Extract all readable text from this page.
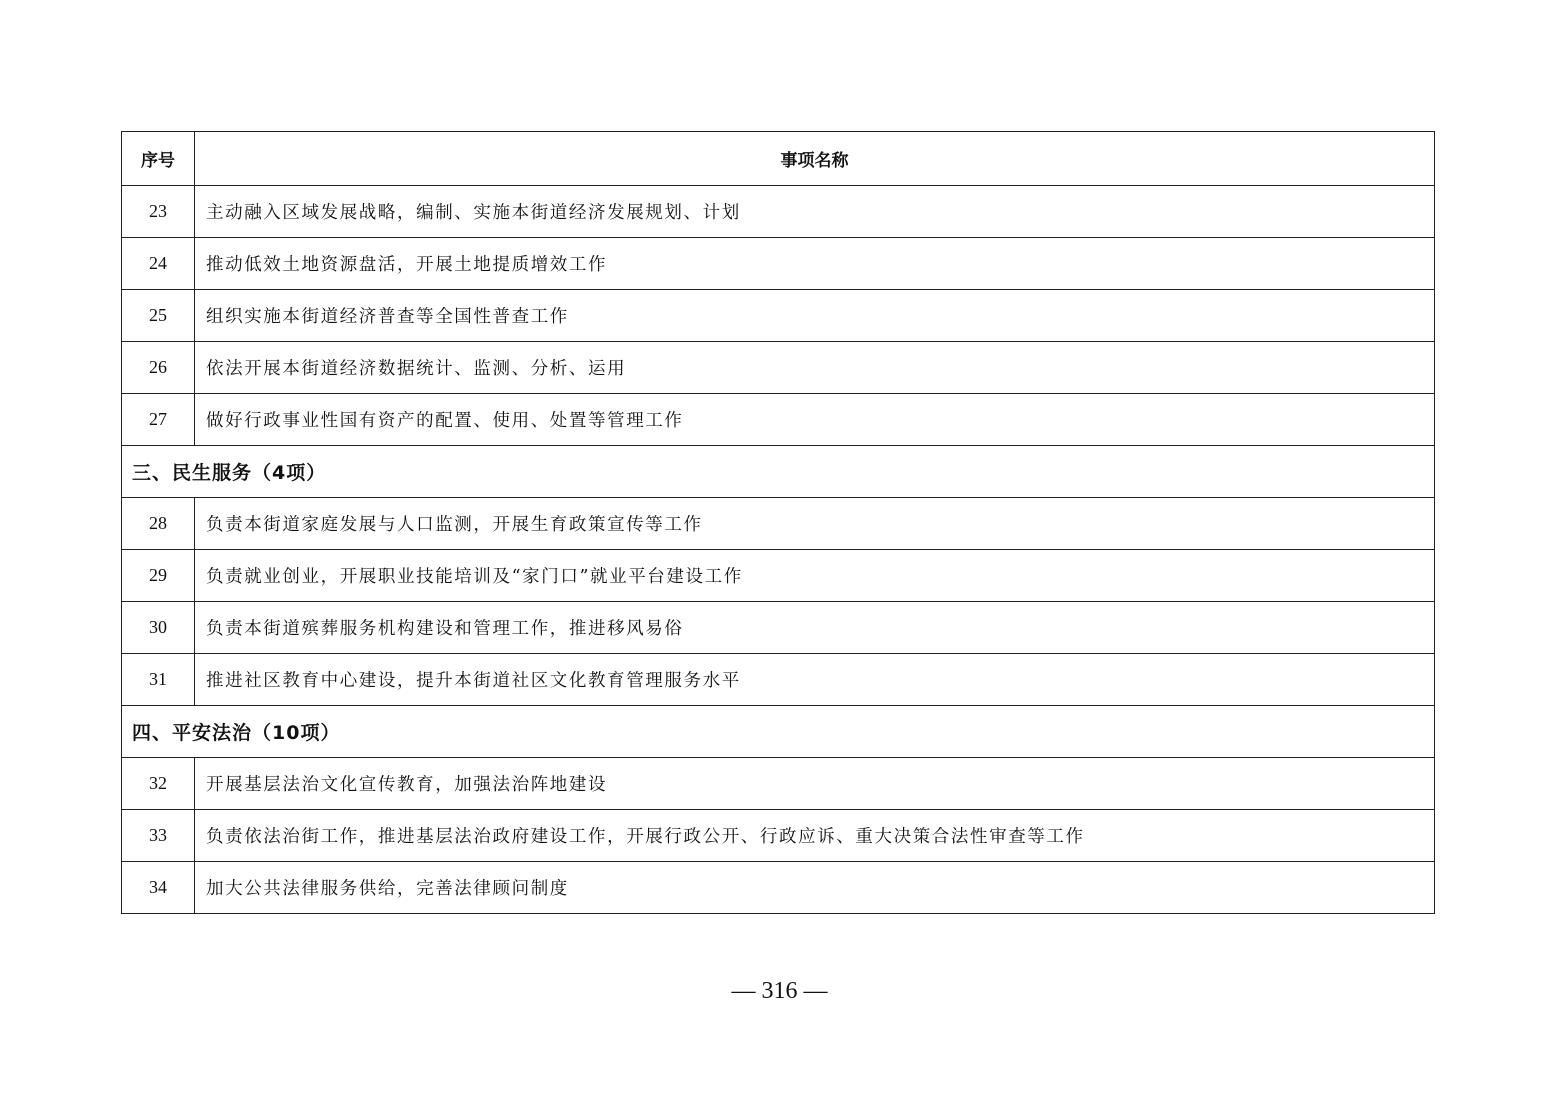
序号	事项名称
23	主动融入区域发展战略，编制、实施本街道经济发展规划、计划
24	推动低效土地资源盘活，开展土地提质增效工作
25	组织实施本街道经济普查等全国性普查工作
26	依法开展本街道经济数据统计、监测、分析、运用
27	做好行政事业性国有资产的配置、使用、处置等管理工作
三、民生服务（4项）	
28	负责本街道家庭发展与人口监测，开展生育政策宣传等工作
29	负责就业创业，开展职业技能培训及“家门口”就业平台建设工作
30	负责本街道殡葬服务机构建设和管理工作，推进移风易俗
31	推进社区教育中心建设，提升本街道社区文化教育管理服务水平
四、平安法治（10项）	
32	开展基层法治文化宣传教育，加强法治阵地建设
33	负责依法治街工作，推进基层法治政府建设工作，开展行政公开、行政应诉、重大决策合法性审查等工作
34	加大公共法律服务供给，完善法律顾问制度
— 316 —
